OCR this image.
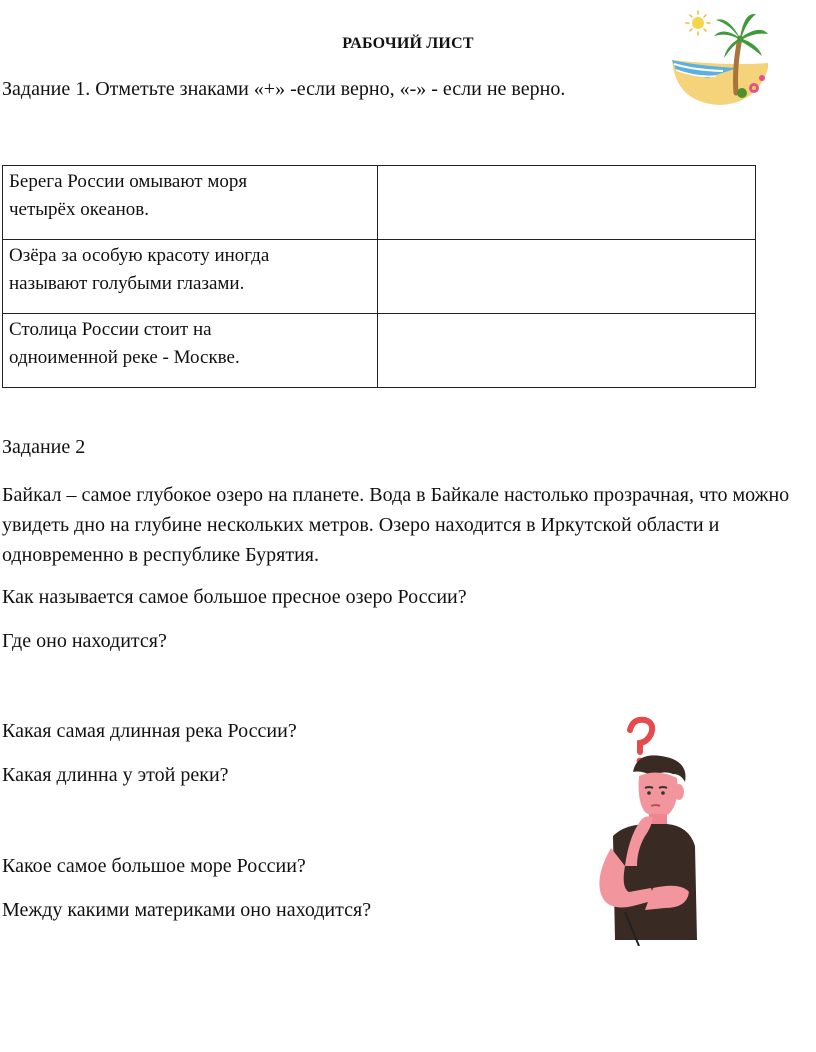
РАБОЧИЙ ЛИСТ
Задание 1. Отметьте знаками «+» -если верно, «-» - если не верно.
Берега России омывают моря
четырёх океанов.	

Озёра за особую красоту иногда
называют голубыми глазами.	

Столица России стоит на
одноименной реке - Москве.	

Задание 2
Байкал – самое глубокое озеро на планете. Вода в Байкале настолько прозрачная, что можно увидеть дно на глубине нескольких метров. Озеро находится в Иркутской области и одновременно в республике Бурятия.
Как называется самое большое пресное озеро России?
Где оно находится?
Какая самая длинная река России?
Какая длинна у этой реки?
Какое самое большое море России?
Между какими материками оно находится?
